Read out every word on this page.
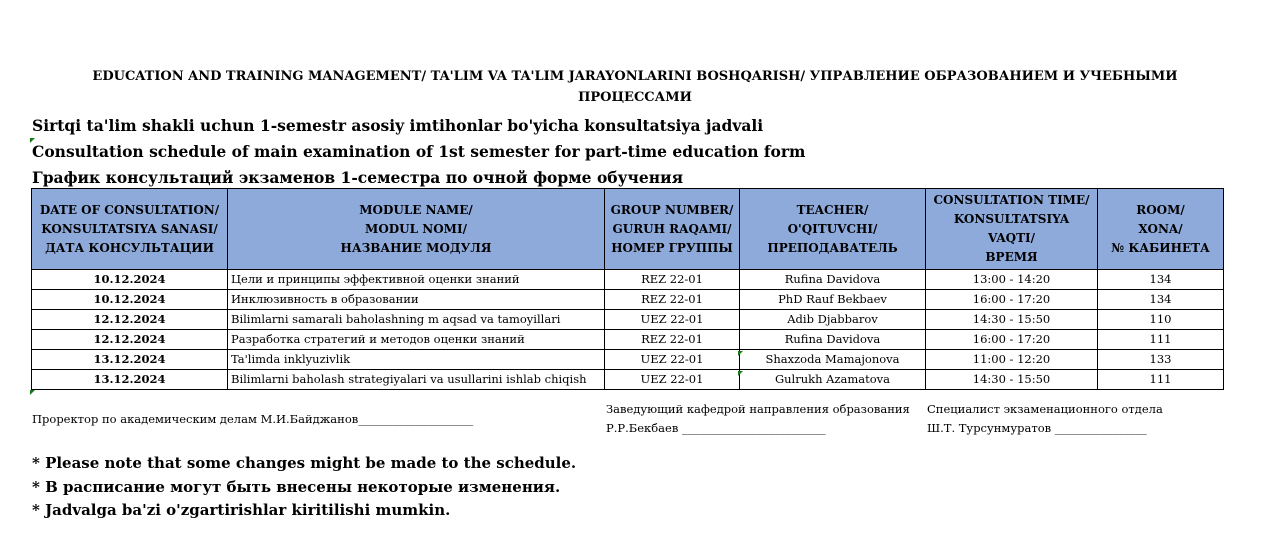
EDUCATION AND TRAINING MANAGEMENT/ TA'LIM VA TA'LIM JARAYONLARINI BOSHQARISH/ УПРАВЛЕНИЕ ОБРАЗОВАНИЕМ И УЧЕБНЫМИ ПРОЦЕССАМИ
Sirtqi ta'lim shakli uchun 1-semestr asosiy imtihonlar bo'yicha konsultatsiya jadvali
Consultation schedule of main examination of 1st semester for part-time education form
График консультаций экзаменов 1-семестра по очной форме обучения
DATE OF CONSULTATION/
KONSULTATSIYA SANASI/
ДАТА КОНСУЛЬТАЦИИ	MODULE NAME/
MODUL NOMI/
НАЗВАНИЕ МОДУЛЯ	GROUP NUMBER/
GURUH RAQAMI/
НОМЕР ГРУППЫ	TEACHER/
O'QITUVCHI/
ПРЕПОДАВАТЕЛЬ	CONSULTATION TIME/
KONSULTATSIYA
VAQTI/
ВРЕМЯ	ROOM/
XONA/
№ КАБИНЕТА

10.12.2024	Цели и принципы эффективной оценки знаний	REZ 22-01	Rufina Davidova	13:00 - 14:20	134
10.12.2024	Инклюзивность в образовании	REZ 22-01	PhD Rauf Bekbaev	16:00 - 17:20	134
12.12.2024	Bilimlarni samarali baholashning m aqsad va tamoyillari	UEZ 22-01	Adib Djabbarov	14:30 - 15:50	110
12.12.2024	Разработка стратегий и методов оценки знаний	REZ 22-01	Rufina Davidova	16:00 - 17:20	111
13.12.2024	Ta'limda inklyuzivlik	UEZ 22-01	Shaxzoda Mamajonova	11:00 - 12:20	133
13.12.2024	Bilimlarni baholash strategiyalari va usullarini ishlab chiqish	UEZ 22-01	Gulrukh Azamatova	14:30 - 15:50	111
Проректор по академическим делам М.И.Байджанов____________________
Заведующий кафедрой направления образования
Р.Р.Бекбаев _________________________
Специалист экзаменационного отдела
Ш.Т. Турсунмуратов ________________
* Please note that some changes might be made to the schedule.
* В расписание могут быть внесены некоторые изменения.
* Jadvalga ba'zi o'zgartirishlar kiritilishi mumkin.
